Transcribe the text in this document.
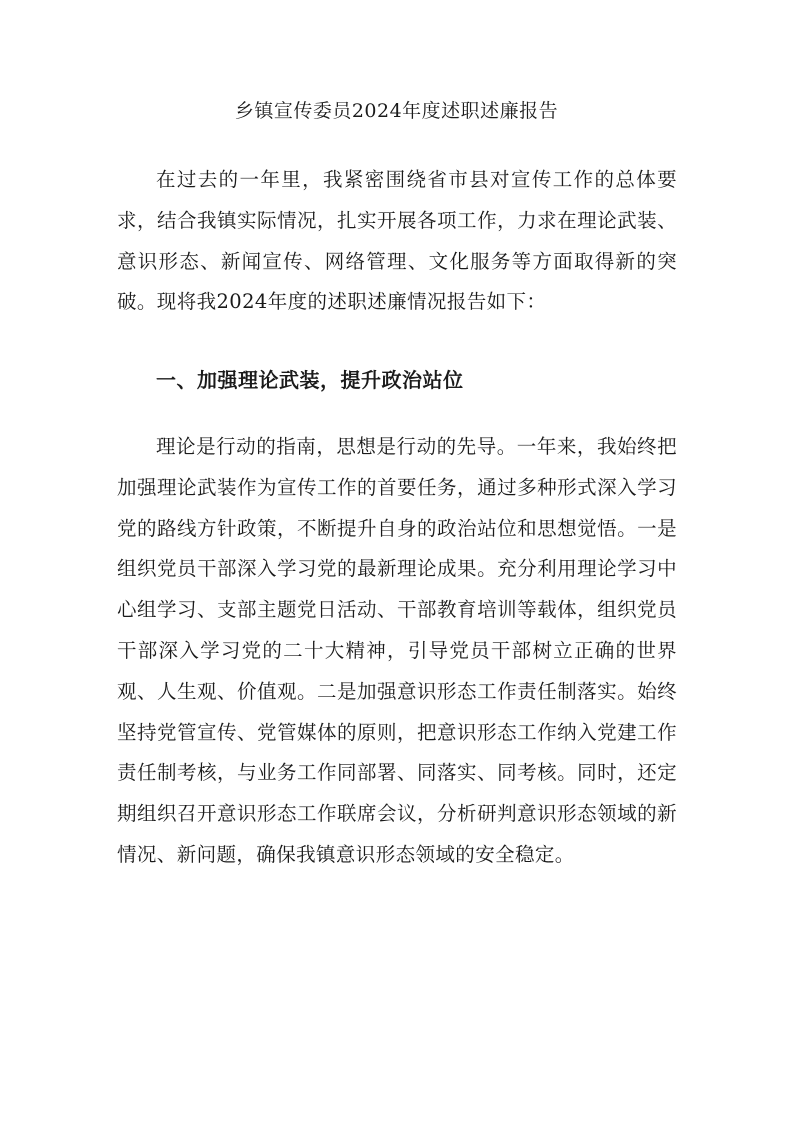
乡镇宣传委员2024年度述职述廉报告

在过去的一年里，我紧密围绕省市县对宣传工作的总体要求，结合我镇实际情况，扎实开展各项工作，力求在理论武装、意识形态、新闻宣传、网络管理、文化服务等方面取得新的突破。现将我2024年度的述职述廉情况报告如下：

一、加强理论武装，提升政治站位

理论是行动的指南，思想是行动的先导。一年来，我始终把加强理论武装作为宣传工作的首要任务，通过多种形式深入学习党的路线方针政策，不断提升自身的政治站位和思想觉悟。一是组织党员干部深入学习党的最新理论成果。充分利用理论学习中心组学习、支部主题党日活动、干部教育培训等载体，组织党员干部深入学习党的二十大精神，引导党员干部树立正确的世界观、人生观、价值观。二是加强意识形态工作责任制落实。始终坚持党管宣传、党管媒体的原则，把意识形态工作纳入党建工作责任制考核，与业务工作同部署、同落实、同考核。同时，还定期组织召开意识形态工作联席会议，分析研判意识形态领域的新情况、新问题，确保我镇意识形态领域的安全稳定。
